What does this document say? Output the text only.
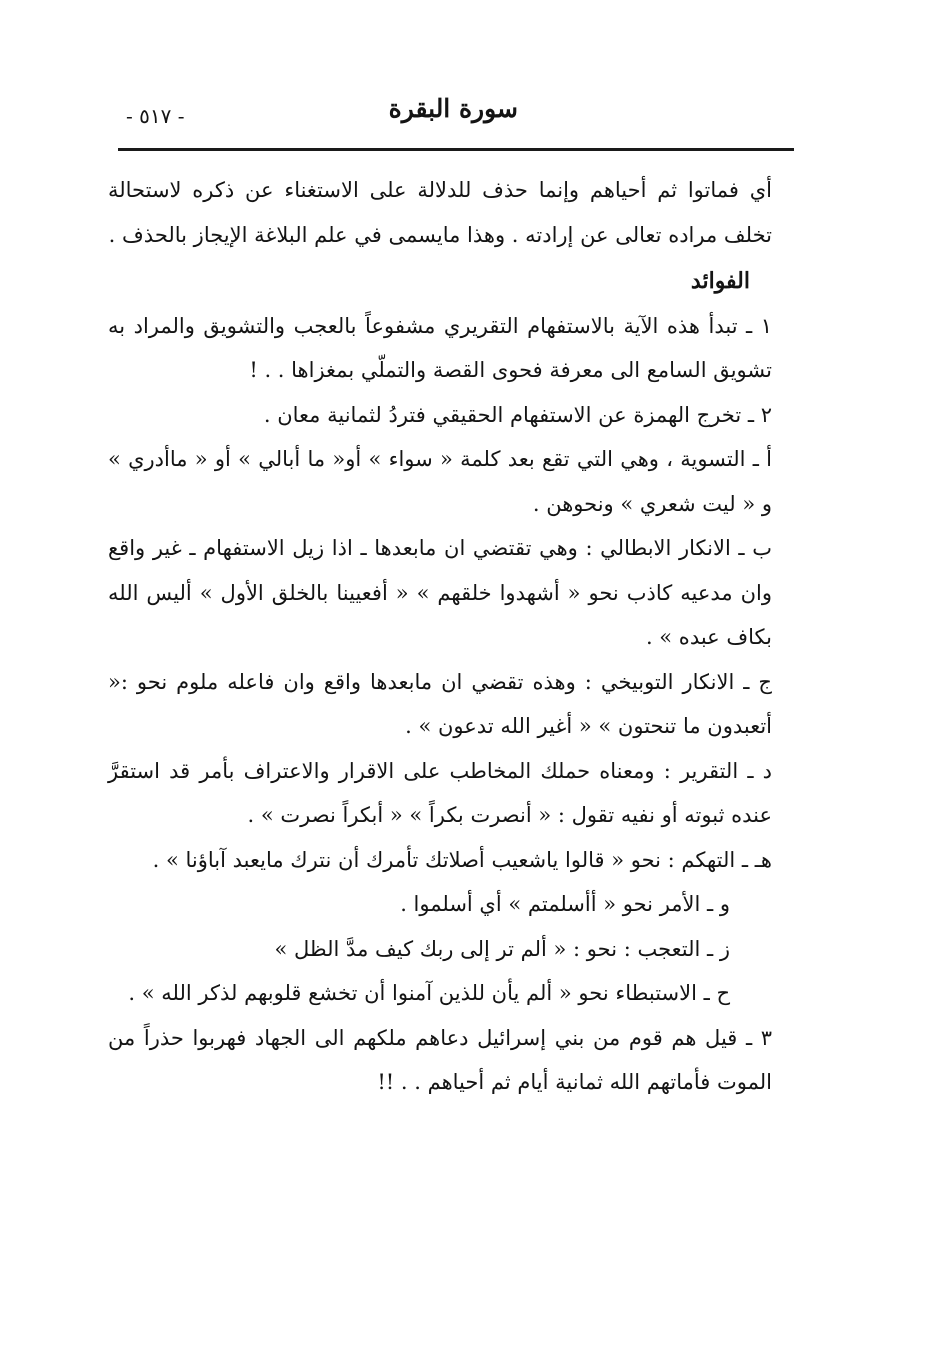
سورة البقرة
- ٥١٧ -

أي فماتوا ثم أحياهم وإنما حذف للدلالة على الاستغناء عن ذكره لاستحالة تخلف مراده تعالى عن إرادته . وهذا مايسمى في علم البلاغة الإيجاز بالحذف .

الفوائد

١ ـ تبدأ هذه الآية بالاستفهام التقريري مشفوعاً بالعجب والتشويق والمراد به تشويق السامع الى معرفة فحوى القصة والتملّي بمغزاها . . !

٢ ـ تخرج الهمزة عن الاستفهام الحقيقي فتردُ لثمانية معان .

أ ـ التسوية ، وهي التي تقع بعد كلمة « سواء » أو« ما أبالي » أو « ماأدري » و « ليت شعري » ونحوهن .

ب ـ الانكار الابطالي : وهي تقتضي ان مابعدها ـ اذا زيل الاستفهام ـ غير واقع وان مدعيه كاذب نحو « أشهدوا خلقهم » « أفعيينا بالخلق الأول » أليس الله بكاف عبده » .

ج ـ الانكار التوبيخي : وهذه تقضي ان مابعدها واقع وان فاعله ملوم نحو :« أتعبدون ما تنحتون » « أغير الله تدعون » .

د ـ التقرير : ومعناه حملك المخاطب على الاقرار والاعتراف بأمر قد استقرَّ عنده ثبوته أو نفيه تقول : « أنصرت بكراً » « أبكراً نصرت » .

هـ ـ التهكم : نحو « قالوا ياشعيب أصلاتك تأمرك أن نترك مايعبد آباؤنا » .

و ـ الأمر نحو « أأسلمتم » أي أسلموا .

ز ـ التعجب : نحو : « ألم تر إلى ربك كيف مدَّ الظل »

ح ـ الاستبطاء نحو « ألم يأن للذين آمنوا أن تخشع قلوبهم لذكر الله » .

٣ ـ قيل هم قوم من بني إسرائيل دعاهم ملكهم الى الجهاد فهربوا حذراً من الموت فأماتهم الله ثمانية أيام ثم أحياهم . . !!
